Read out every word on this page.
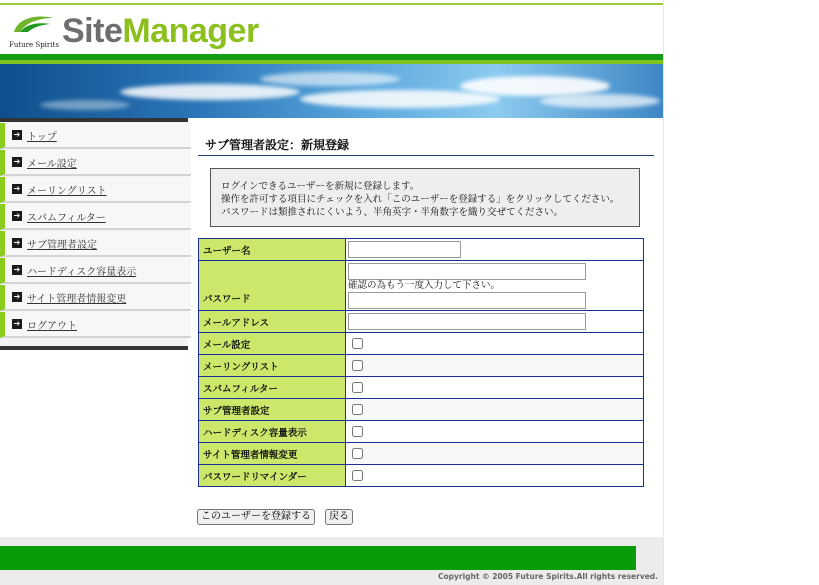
Future Spirits SiteManager
➔ トップ
➔ メール設定
➔ メーリングリスト
➔ スパムフィルター
➔ サブ管理者設定
➔ ハードディスク容量表示
➔ サイト管理者情報変更
➔ ログアウト
サブ管理者設定：新規登録
ログインできるユーザーを新規に登録します。
操作を許可する項目にチェックを入れ「このユーザーを登録する」をクリックしてください。
パスワードは類推されにくいよう、半角英字・半角数字を織り交ぜてください。
ユーザー名	

パスワード	確認の為もう一度入力して下さい。

メールアドレス	

メール設定	
メーリングリスト	
スパムフィルター	
サブ管理者設定	
ハードディスク容量表示	
サイト管理者情報変更	
パスワードリマインダー	
このユーザーを登録する	戻る
Copyright © 2005 Future Spirits.All rights reserved.
